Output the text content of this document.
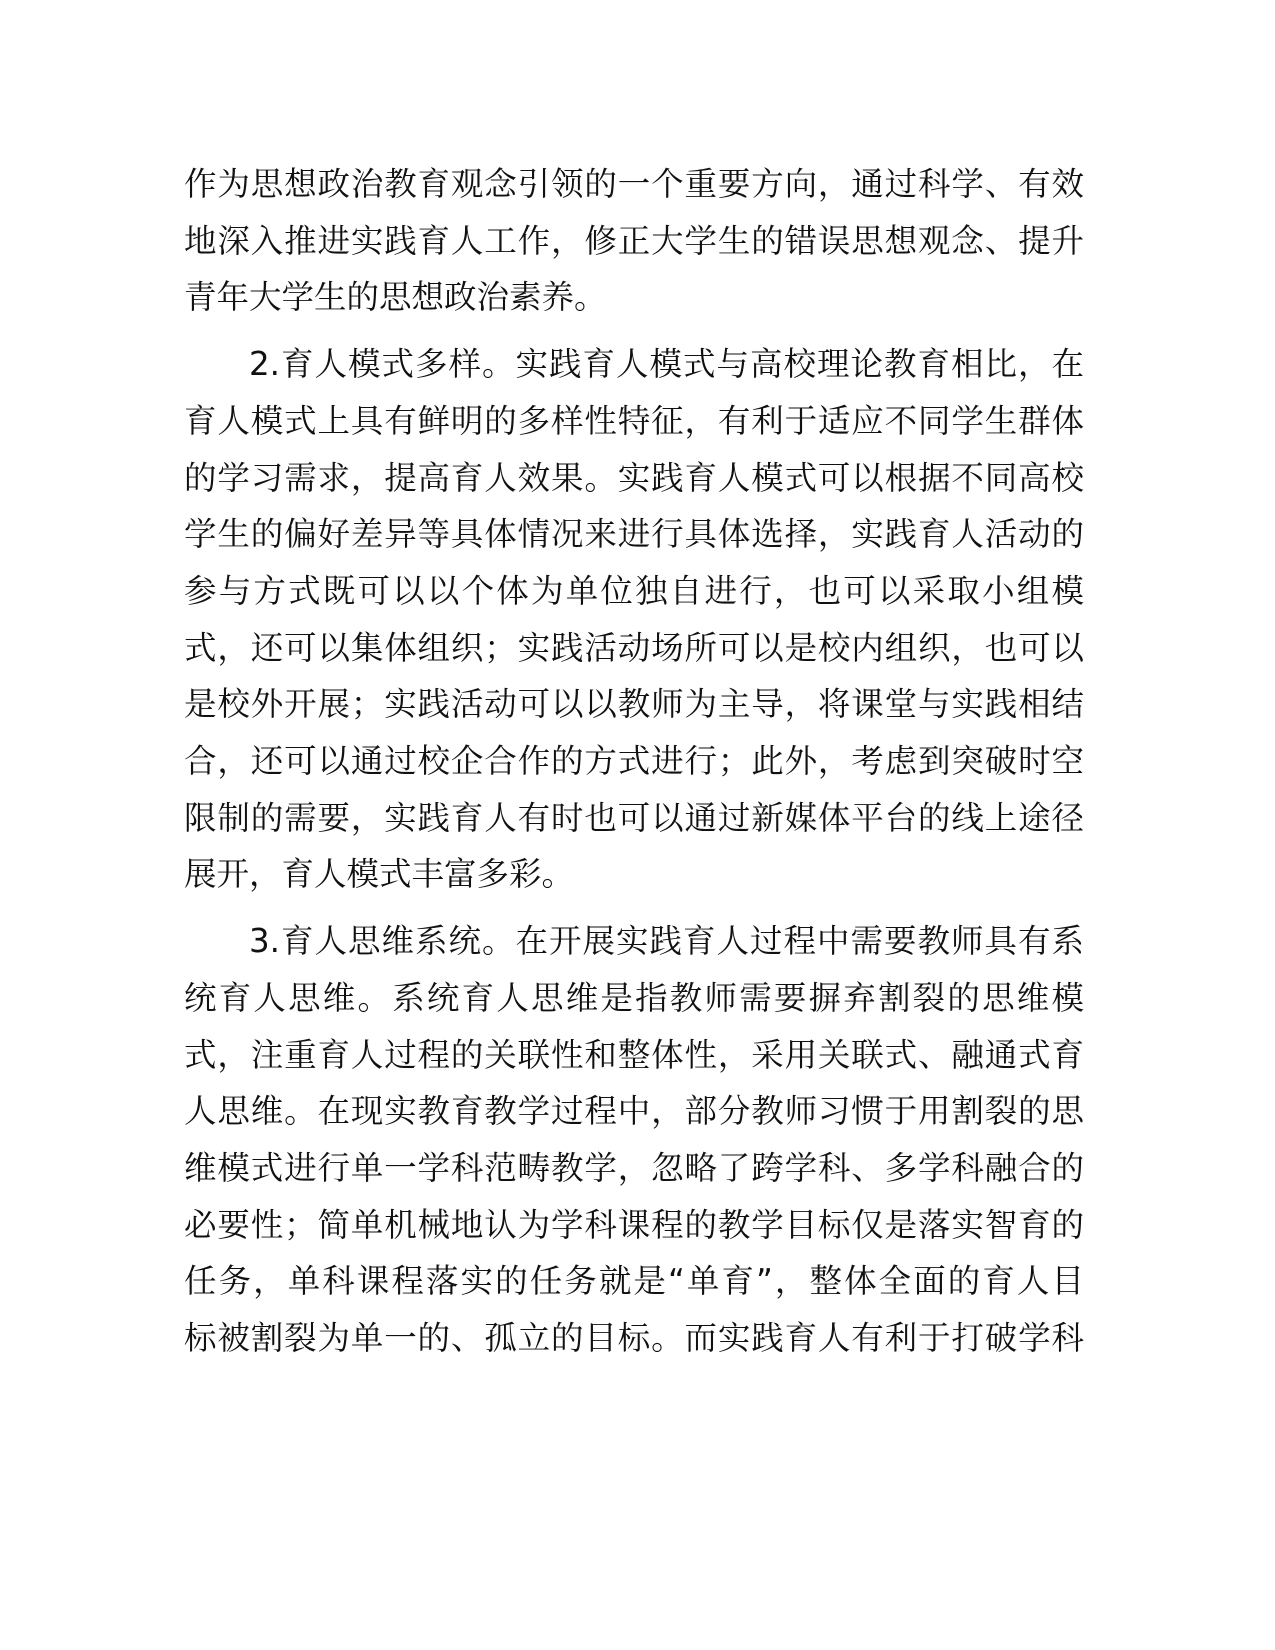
作为思想政治教育观念引领的一个重要方向，通过科学、有效
地深入推进实践育人工作，修正大学生的错误思想观念、提升
青年大学生的思想政治素养。
2.育人模式多样。实践育人模式与高校理论教育相比，在
育人模式上具有鲜明的多样性特征，有利于适应不同学生群体
的学习需求，提高育人效果。实践育人模式可以根据不同高校
学生的偏好差异等具体情况来进行具体选择，实践育人活动的
参与方式既可以以个体为单位独自进行，也可以采取小组模
式，还可以集体组织；实践活动场所可以是校内组织，也可以
是校外开展；实践活动可以以教师为主导，将课堂与实践相结
合，还可以通过校企合作的方式进行；此外，考虑到突破时空
限制的需要，实践育人有时也可以通过新媒体平台的线上途径
展开，育人模式丰富多彩。
3.育人思维系统。在开展实践育人过程中需要教师具有系
统育人思维。系统育人思维是指教师需要摒弃割裂的思维模
式，注重育人过程的关联性和整体性，采用关联式、融通式育
人思维。在现实教育教学过程中，部分教师习惯于用割裂的思
维模式进行单一学科范畴教学，忽略了跨学科、多学科融合的
必要性；简单机械地认为学科课程的教学目标仅是落实智育的
任务，单科课程落实的任务就是“单育”，整体全面的育人目
标被割裂为单一的、孤立的目标。而实践育人有利于打破学科
